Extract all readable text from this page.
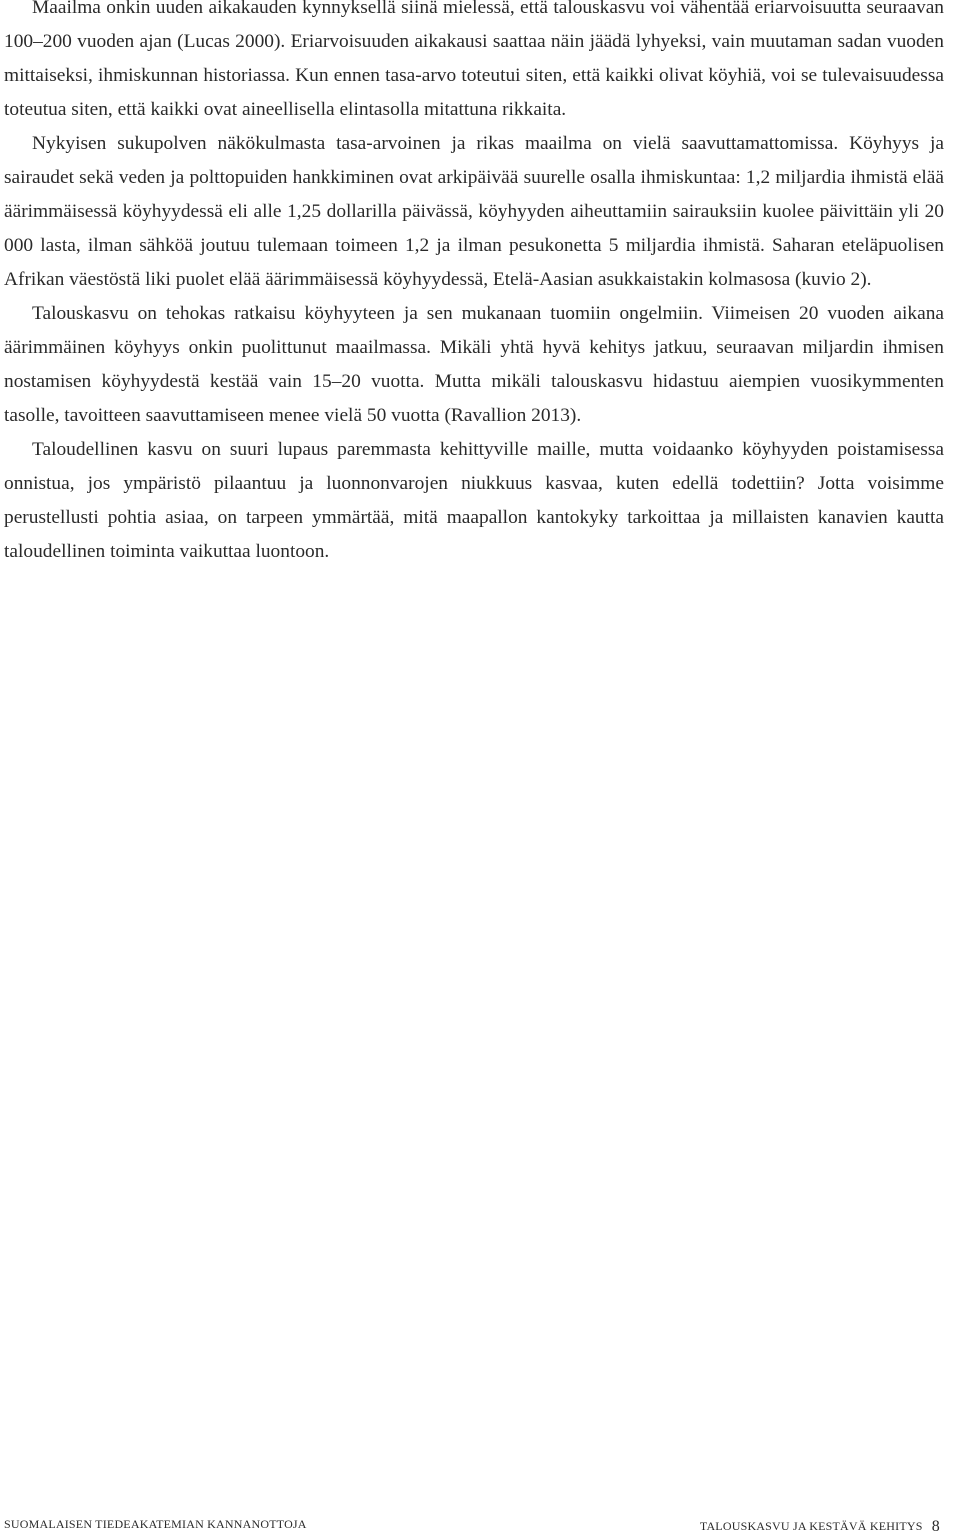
Maailma onkin uuden aikakauden kynnyksellä siinä mielessä, että talouskasvu voi vähentää eriarvoisuutta seuraavan 100–200 vuoden ajan (Lucas 2000). Eriarvoisuuden aikakausi saattaa näin jäädä lyhyeksi, vain muutaman sadan vuoden mittaiseksi, ihmiskunnan historiassa. Kun ennen tasa-arvo toteutui siten, että kaikki olivat köyhiä, voi se tulevaisuudessa toteutua siten, että kaikki ovat aineellisella elintasolla mitattuna rikkaita.

Nykyisen sukupolven näkökulmasta tasa-arvoinen ja rikas maailma on vielä saavuttamattomissa. Köyhyys ja sairaudet sekä veden ja polttopuiden hankkiminen ovat arkipäivää suurelle osalla ihmiskuntaa: 1,2 miljardia ihmistä elää äärimmäisessä köyhyydessä eli alle 1,25 dollarilla päivässä, köyhyyden aiheuttamiin sairauksiin kuolee päivittäin yli 20 000 lasta, ilman sähköä joutuu tulemaan toimeen 1,2 ja ilman pesukonetta 5 miljardia ihmistä. Saharan eteläpuolisen Afrikan väestöstä liki puolet elää äärimmäisessä köyhyydessä, Etelä-Aasian asukkaistakin kolmasosa (kuvio 2).

Talouskasvu on tehokas ratkaisu köyhyyteen ja sen mukanaan tuomiin ongelmiin. Viimeisen 20 vuoden aikana äärimmäinen köyhyys onkin puolittunut maailmassa. Mikäli yhtä hyvä kehitys jatkuu, seuraavan miljardin ihmisen nostamisen köyhyydestä kestää vain 15–20 vuotta. Mutta mikäli talouskasvu hidastuu aiempien vuosikymmenten tasolle, tavoitteen saavuttamiseen menee vielä 50 vuotta (Ravallion 2013).

Taloudellinen kasvu on suuri lupaus paremmasta kehittyville maille, mutta voidaanko köyhyyden poistamisessa onnistua, jos ympäristö pilaantuu ja luonnonvarojen niukkuus kasvaa, kuten edellä todettiin? Jotta voisimme perustellusti pohtia asiaa, on tarpeen ymmärtää, mitä maapallon kantokyky tarkoittaa ja millaisten kanavien kautta taloudellinen toiminta vaikuttaa luontoon.

SUOMALAISEN TIEDEAKATEMIAN KANNANOTTOJA	TALOUSKASVU JA KESTÄVÄ KEHITYS 8
